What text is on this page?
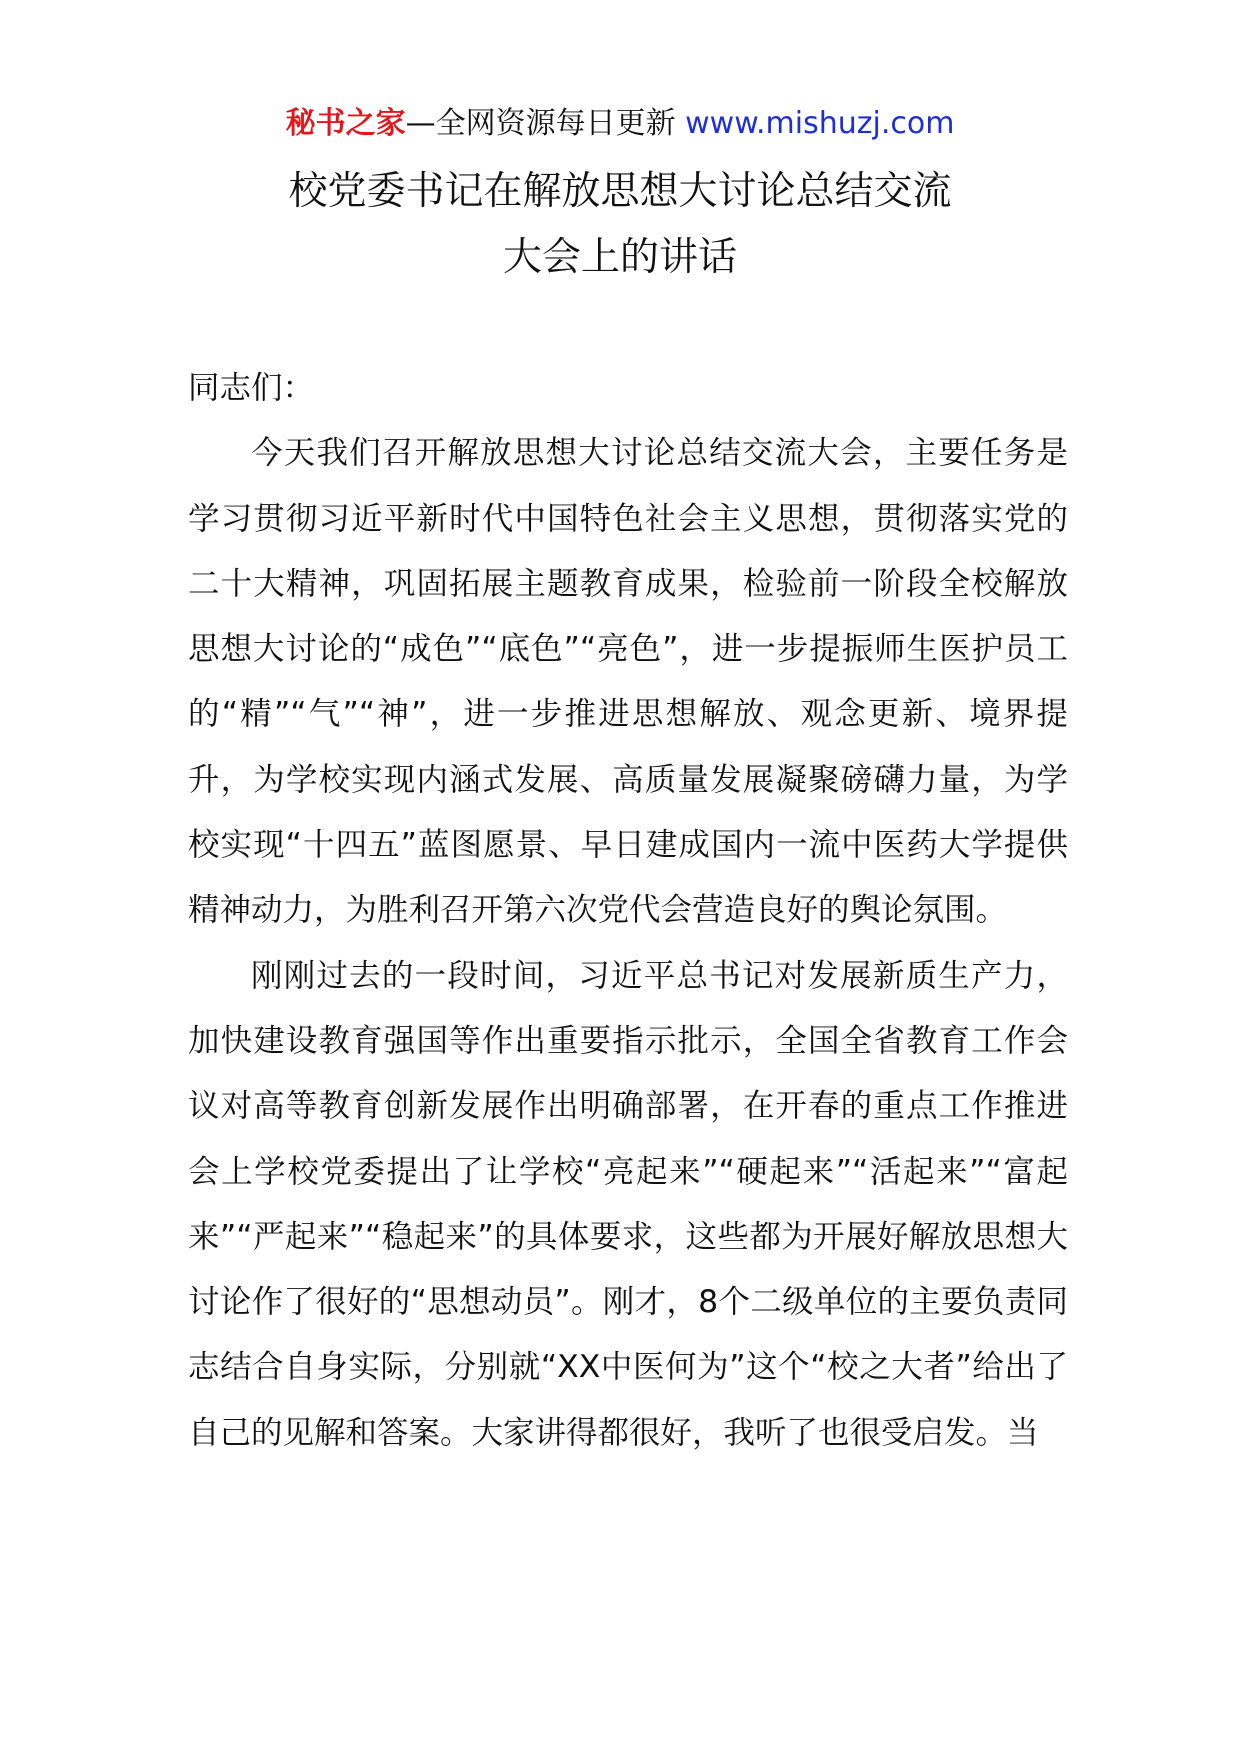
秘书之家—全网资源每日更新 www.mishuzj.com
校党委书记在解放思想大讨论总结交流
大会上的讲话

同志们：

今天我们召开解放思想大讨论总结交流大会，主要任务是学习贯彻习近平新时代中国特色社会主义思想，贯彻落实党的二十大精神，巩固拓展主题教育成果，检验前一阶段全校解放思想大讨论的“成色”“底色”“亮色”，进一步提振师生医护员工的“精”“气”“神”，进一步推进思想解放、观念更新、境界提升，为学校实现内涵式发展、高质量发展凝聚磅礴力量，为学校实现“十四五”蓝图愿景、早日建成国内一流中医药大学提供精神动力，为胜利召开第六次党代会营造良好的舆论氛围。

刚刚过去的一段时间，习近平总书记对发展新质生产力，加快建设教育强国等作出重要指示批示，全国全省教育工作会议对高等教育创新发展作出明确部署，在开春的重点工作推进会上学校党委提出了让学校“亮起来”“硬起来”“活起来”“富起来”“严起来”“稳起来”的具体要求，这些都为开展好解放思想大讨论作了很好的“思想动员”。刚才，8个二级单位的主要负责同志结合自身实际，分别就“XX中医何为”这个“校之大者”给出了自己的见解和答案。大家讲得都很好，我听了也很受启发。当
